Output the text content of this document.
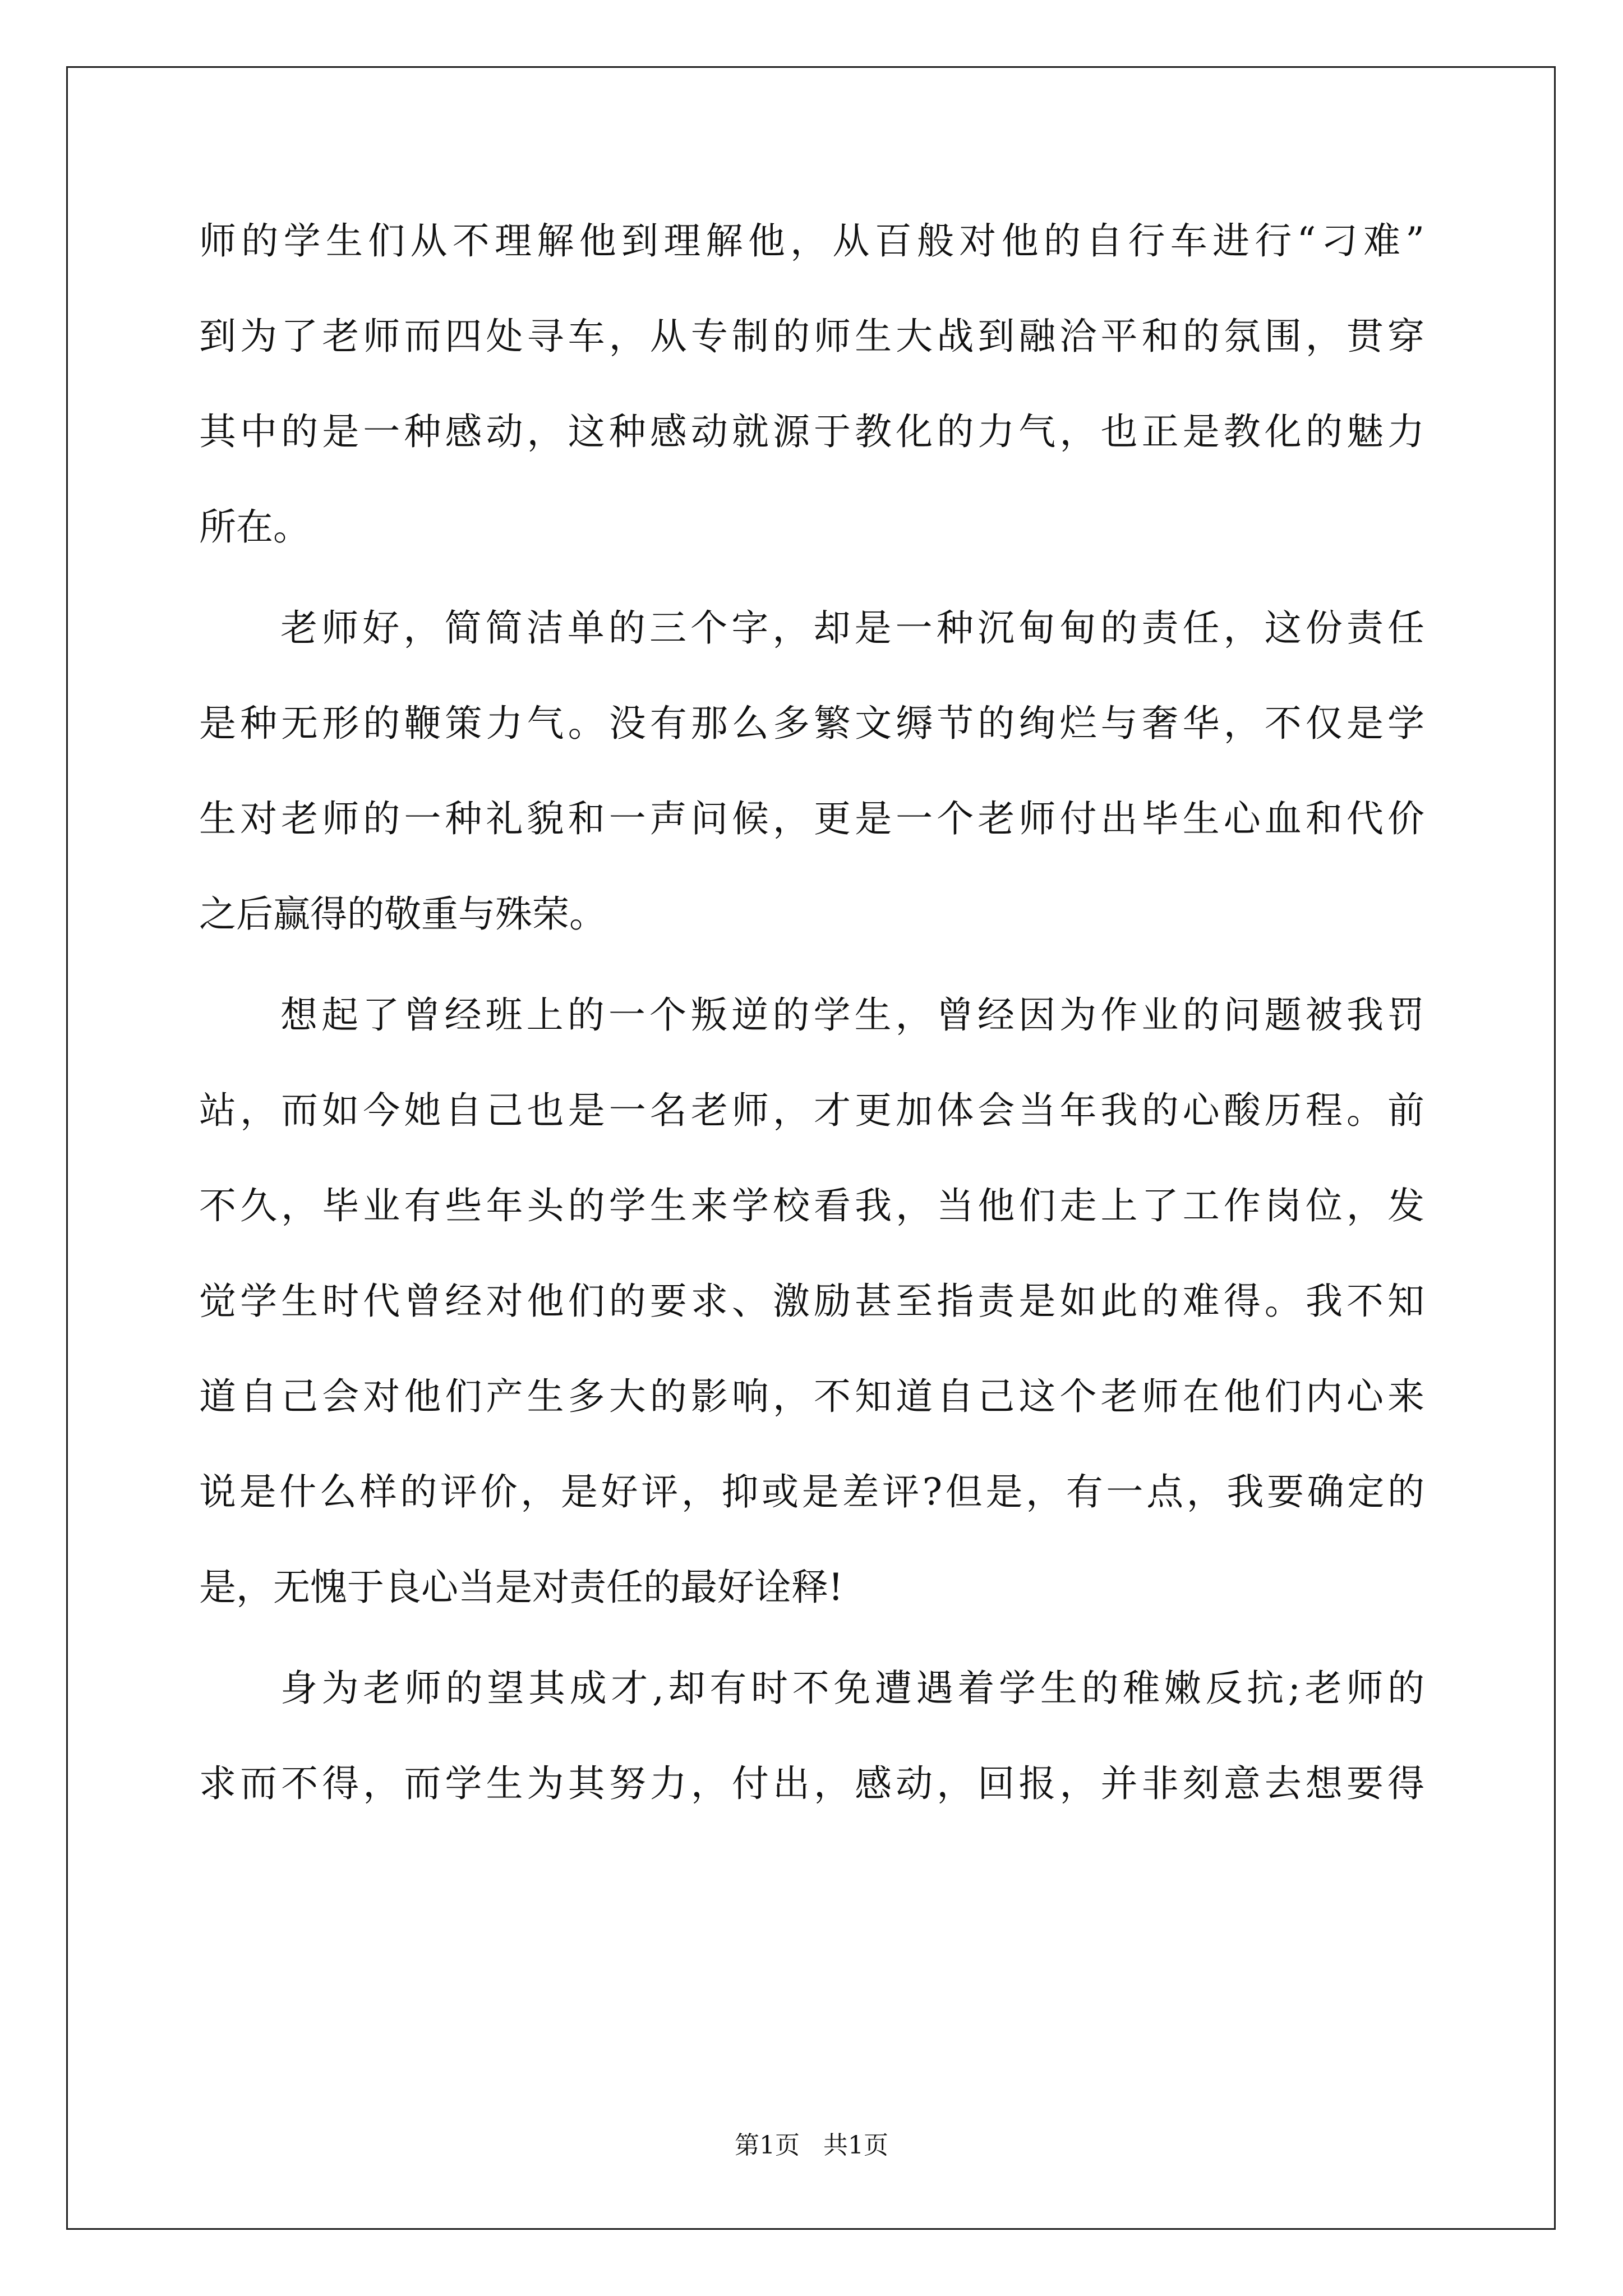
师的学生们从不理解他到理解他，从百般对他的自行车进行“刁难”
到为了老师而四处寻车，从专制的师生大战到融洽平和的氛围，贯穿
其中的是一种感动，这种感动就源于教化的力气，也正是教化的魅力
所在。
老师好，简简洁单的三个字，却是一种沉甸甸的责任，这份责任
是种无形的鞭策力气。没有那么多繁文缛节的绚烂与奢华，不仅是学
生对老师的一种礼貌和一声问候，更是一个老师付出毕生心血和代价
之后赢得的敬重与殊荣。
想起了曾经班上的一个叛逆的学生，曾经因为作业的问题被我罚
站，而如今她自己也是一名老师，才更加体会当年我的心酸历程。前
不久，毕业有些年头的学生来学校看我，当他们走上了工作岗位，发
觉学生时代曾经对他们的要求、激励甚至指责是如此的难得。我不知
道自己会对他们产生多大的影响，不知道自己这个老师在他们内心来
说是什么样的评价，是好评，抑或是差评?但是，有一点，我要确定的
是，无愧于良心当是对责任的最好诠释!
身为老师的望其成才,却有时不免遭遇着学生的稚嫩反抗;老师的
求而不得，而学生为其努力，付出，感动，回报，并非刻意去想要得
第1页   共1页
